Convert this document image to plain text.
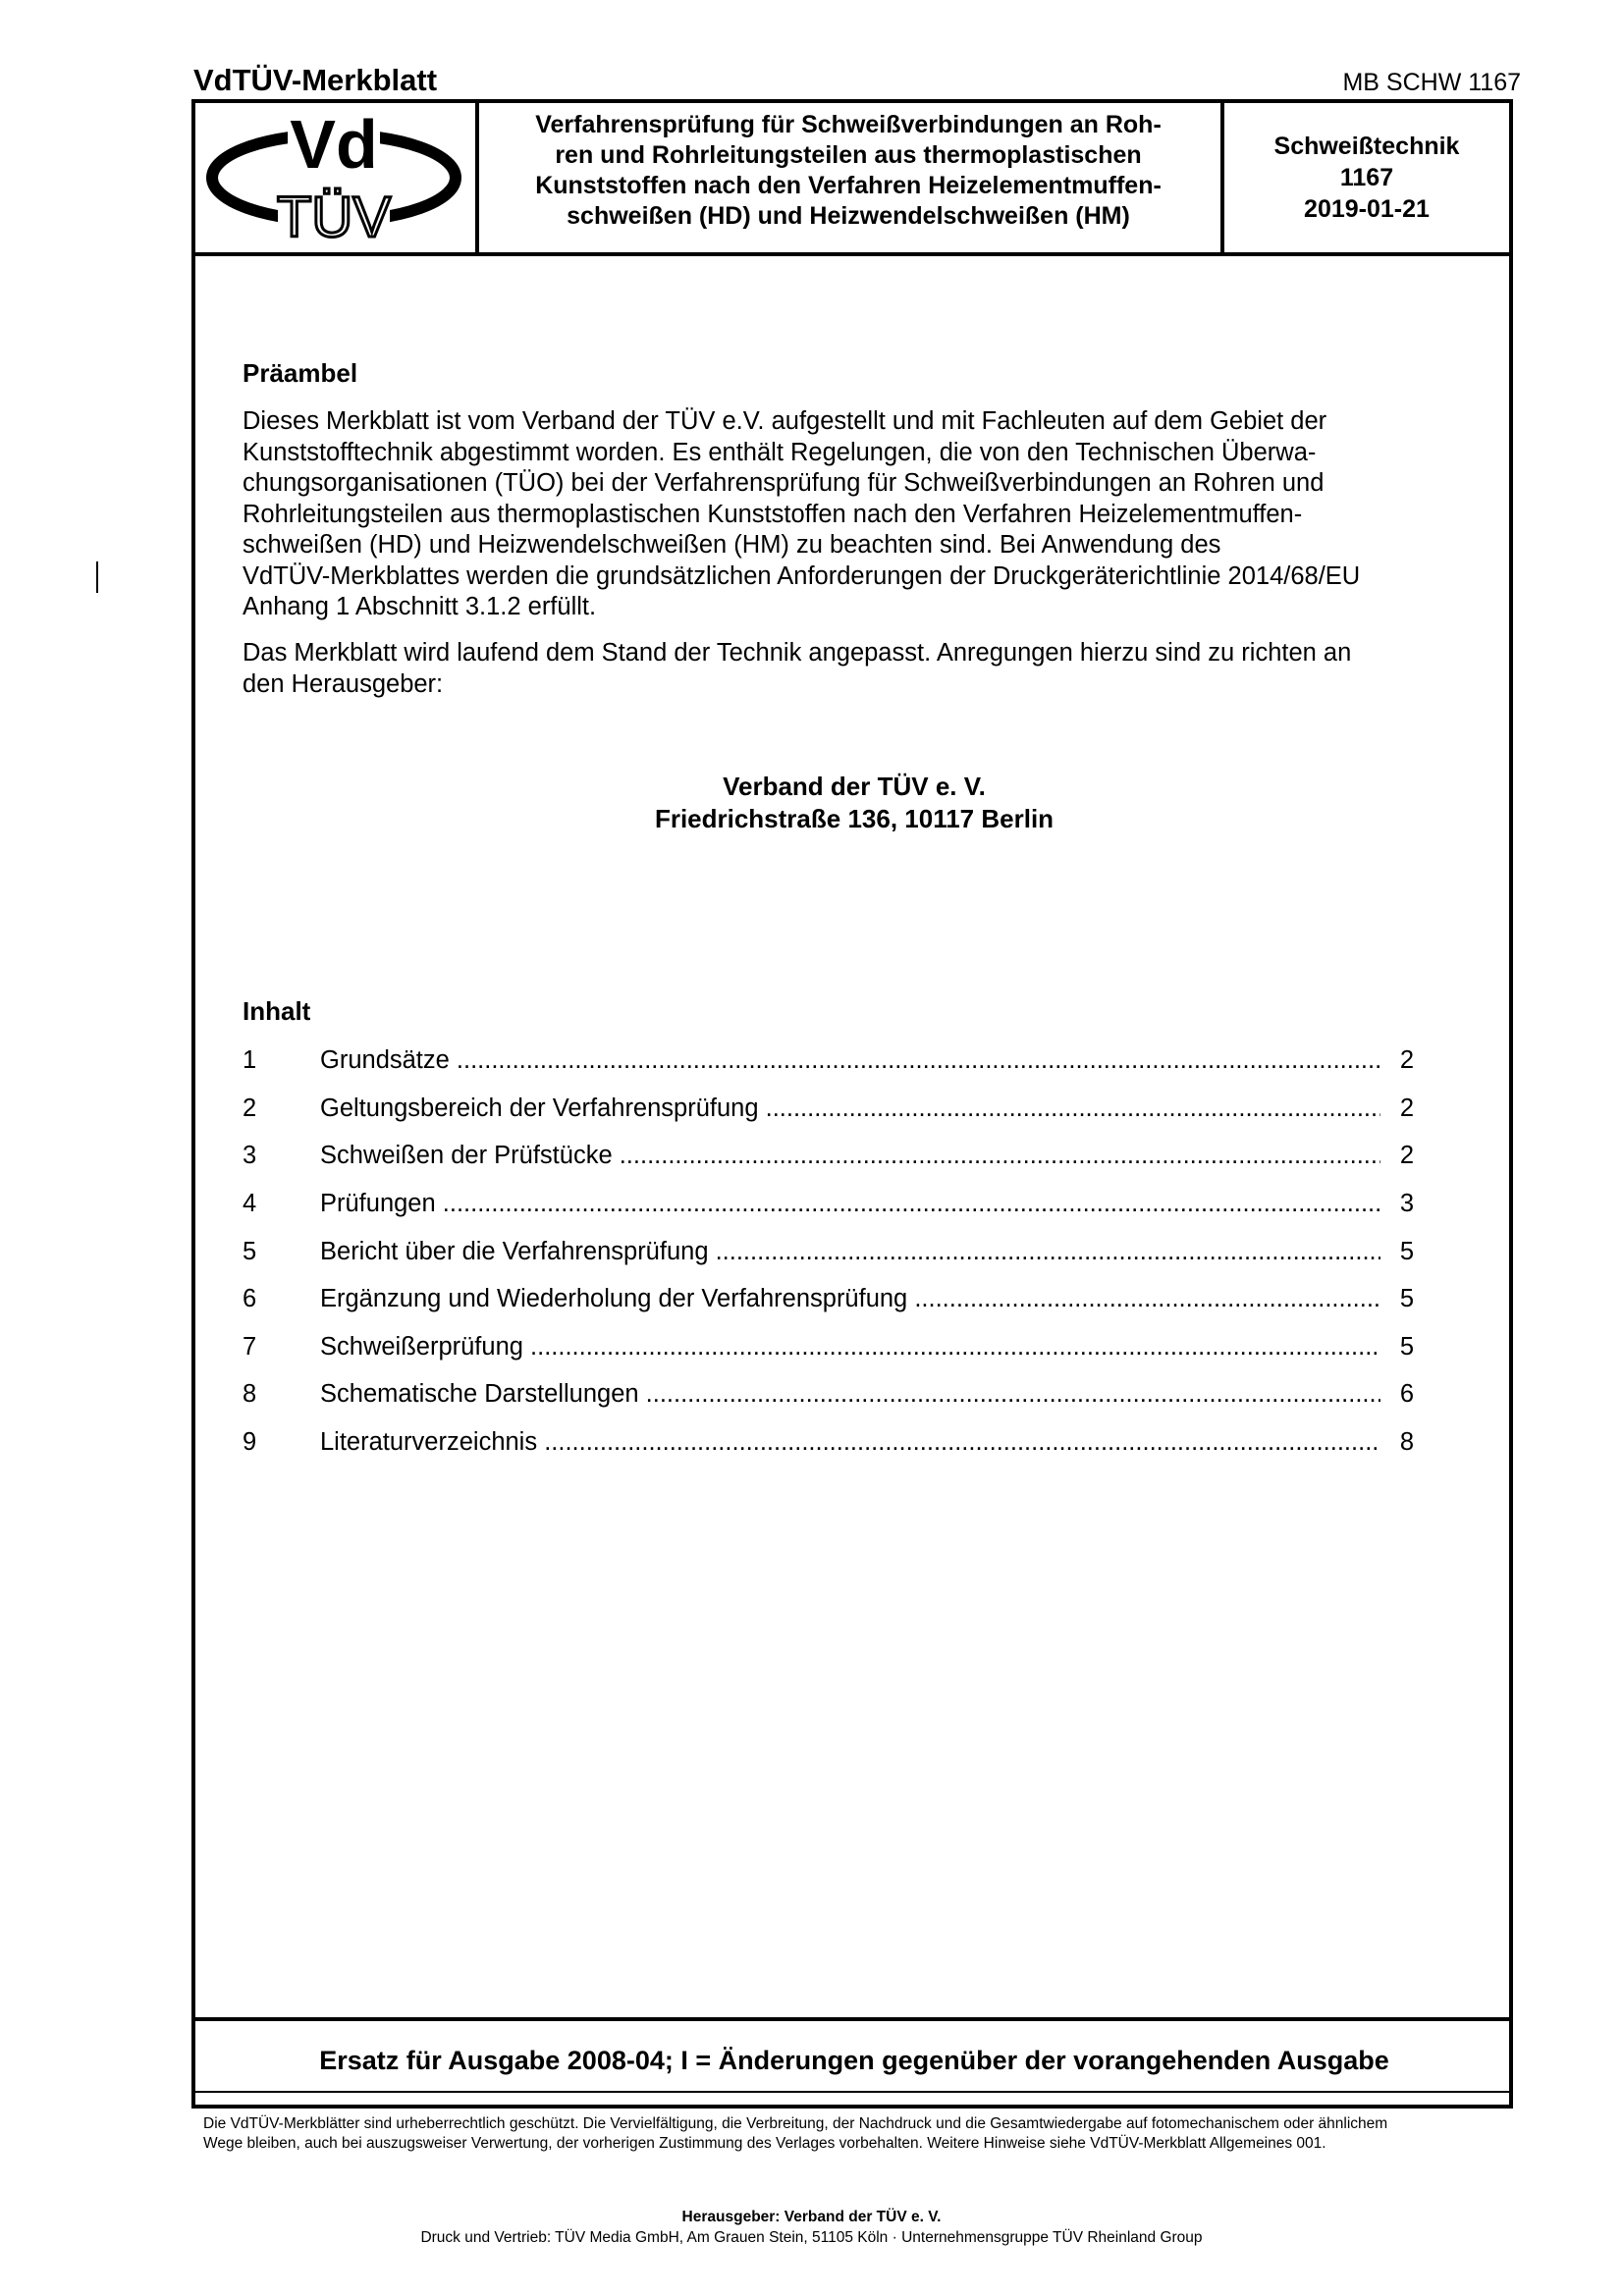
VdTÜV-Merkblatt	MB SCHW 1167
Vd
TÜV
Verfahrensprüfung für Schweißverbindungen an Roh-
ren und Rohrleitungsteilen aus thermoplastischen
Kunststoffen nach den Verfahren Heizelementmuffen-
schweißen (HD) und Heizwendelschweißen (HM)
Schweißtechnik
1167
2019-01-21
Präambel
Dieses Merkblatt ist vom Verband der TÜV e.V. aufgestellt und mit Fachleuten auf dem Gebiet der
Kunststofftechnik abgestimmt worden. Es enthält Regelungen, die von den Technischen Überwa-
chungsorganisationen (TÜO) bei der Verfahrensprüfung für Schweißverbindungen an Rohren und
Rohrleitungsteilen aus thermoplastischen Kunststoffen nach den Verfahren Heizelementmuffen-
schweißen (HD) und Heizwendelschweißen (HM) zu beachten sind. Bei Anwendung des
VdTÜV-Merkblattes werden die grundsätzlichen Anforderungen der Druckgeräterichtlinie 2014/68/EU
Anhang 1 Abschnitt 3.1.2 erfüllt.
Das Merkblatt wird laufend dem Stand der Technik angepasst. Anregungen hierzu sind zu richten an
den Herausgeber:
Verband der TÜV e. V.
Friedrichstraße 136, 10117 Berlin
Inhalt
1	Grundsätze .....	2
2	Geltungsbereich der Verfahrensprüfung .....	2
3	Schweißen der Prüfstücke .....	2
4	Prüfungen .....	3
5	Bericht über die Verfahrensprüfung .....	5
6	Ergänzung und Wiederholung der Verfahrensprüfung .....	5
7	Schweißerprüfung .....	5
8	Schematische Darstellungen .....	6
9	Literaturverzeichnis .....	8
Ersatz für Ausgabe 2008-04; I = Änderungen gegenüber der vorangehenden Ausgabe
Die VdTÜV-Merkblätter sind urheberrechtlich geschützt. Die Vervielfältigung, die Verbreitung, der Nachdruck und die Gesamtwiedergabe auf fotomechanischem oder ähnlichem
Wege bleiben, auch bei auszugsweiser Verwertung, der vorherigen Zustimmung des Verlages vorbehalten. Weitere Hinweise siehe VdTÜV-Merkblatt Allgemeines 001.
Herausgeber: Verband der TÜV e. V.
Druck und Vertrieb: TÜV Media GmbH, Am Grauen Stein, 51105 Köln · Unternehmensgruppe TÜV Rheinland Group
